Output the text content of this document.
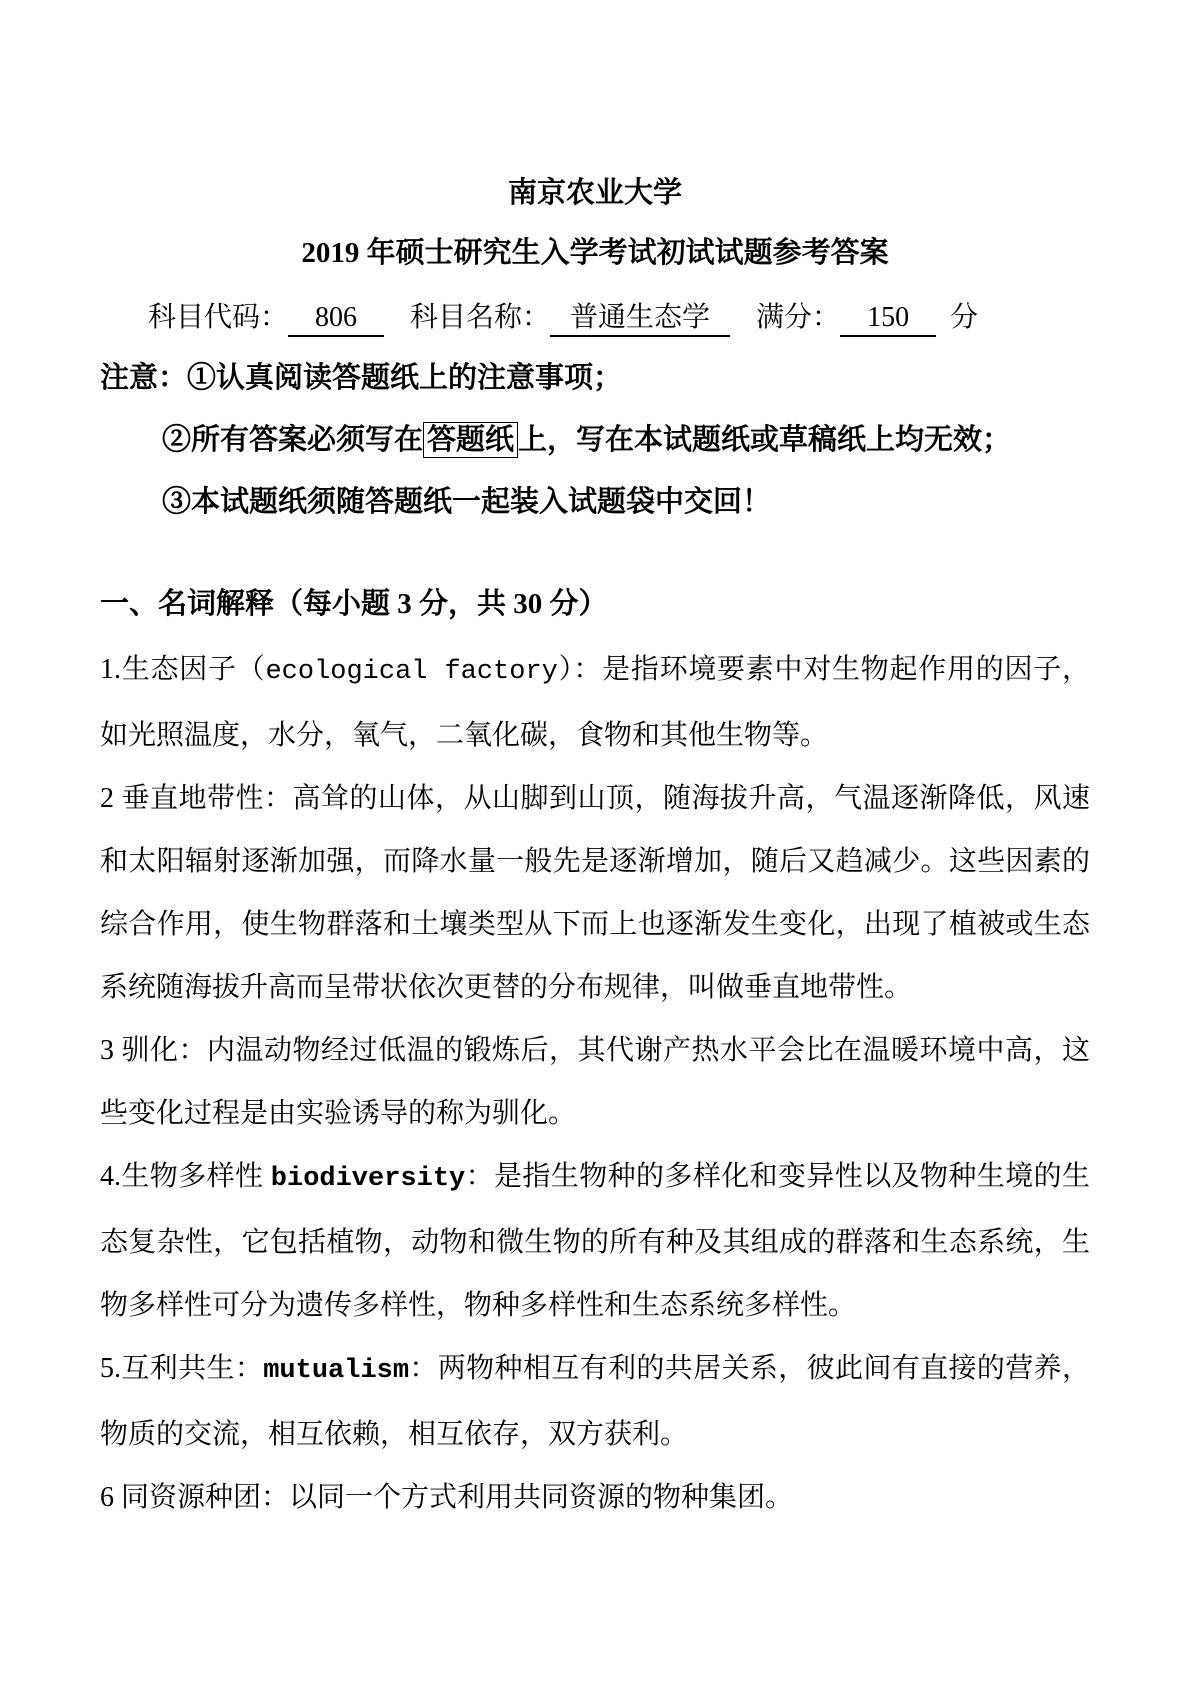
南京农业大学
2019 年硕士研究生入学考试初试试题参考答案
科目代码： 806 科目名称： 普通生态学 满分： 150 分
注意：①认真阅读答题纸上的注意事项；
②所有答案必须写在 答题纸 上，写在本试题纸或草稿纸上均无效；
③本试题纸须随答题纸一起装入试题袋中交回！
一、名词解释（每小题 3 分，共 30 分）

1.生态因子（ecological factory）：是指环境要素中对生物起作用的因子，如光照温度，水分，氧气，二氧化碳，食物和其他生物等。

2 垂直地带性：高耸的山体，从山脚到山顶，随海拔升高，气温逐渐降低，风速和太阳辐射逐渐加强，而降水量一般先是逐渐增加，随后又趋减少。这些因素的综合作用，使生物群落和土壤类型从下而上也逐渐发生变化，出现了植被或生态系统随海拔升高而呈带状依次更替的分布规律，叫做垂直地带性。

3 驯化：内温动物经过低温的锻炼后，其代谢产热水平会比在温暖环境中高，这些变化过程是由实验诱导的称为驯化。

4.生物多样性 biodiversity：是指生物种的多样化和变异性以及物种生境的生态复杂性，它包括植物，动物和微生物的所有种及其组成的群落和生态系统，生物多样性可分为遗传多样性，物种多样性和生态系统多样性。

5.互利共生：mutualism：两物种相互有利的共居关系，彼此间有直接的营养，物质的交流，相互依赖，相互依存，双方获利。

6 同资源种团：以同一个方式利用共同资源的物种集团。
